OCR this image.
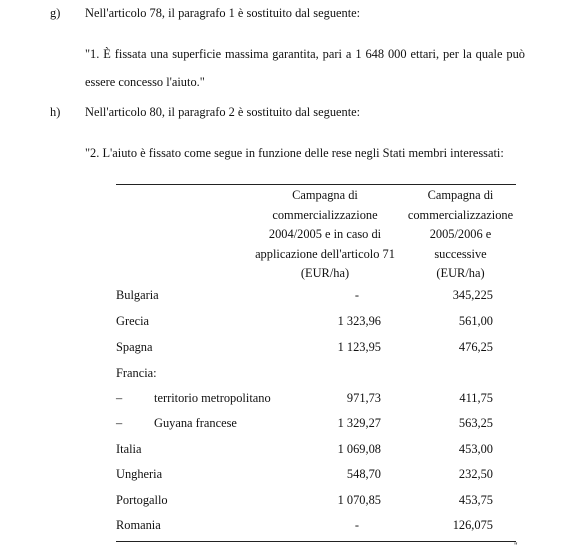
g) Nell'articolo 78, il paragrafo 1 è sostituito dal seguente:
"1. È fissata una superficie massima garantita, pari a 1 648 000 ettari, per la quale può essere concesso l'aiuto."
h) Nell'articolo 80, il paragrafo 2 è sostituito dal seguente:
"2. L'aiuto è fissato come segue in funzione delle rese negli Stati membri interessati:
Campagna di
commercializzazione
2004/2005 e in caso di
applicazione dell'articolo 71
(EUR/ha)
Campagna di
commercializzazione
2005/2006 e
successive
(EUR/ha)
Bulgaria	-	345,225
Grecia	1 323,96	561,00
Spagna	1 123,95	476,25
Francia:
–	territorio metropolitano	971,73	411,75
–	Guyana francese	1 329,27	563,25
Italia	1 069,08	453,00
Ungheria	548,70	232,50
Portogallo	1 070,85	453,75
Romania	-	126,075
"
